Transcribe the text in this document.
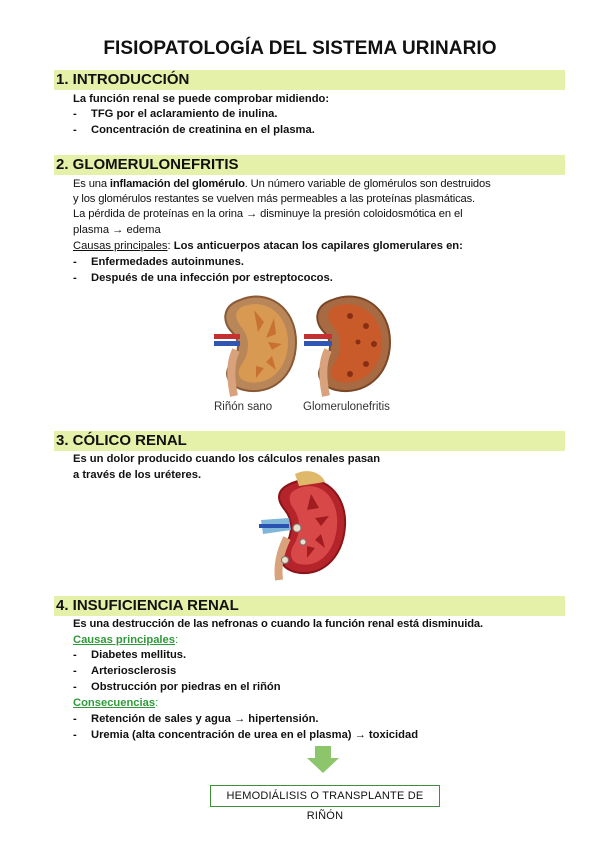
FISIOPATOLOGÍA DEL SISTEMA URINARIO
1. INTRODUCCIÓN
La función renal se puede comprobar midiendo:
- TFG por el aclaramiento de inulina.
- Concentración de creatinina en el plasma.
2. GLOMERULONEFRITIS
Es una inflamación del glomérulo. Un número variable de glomérulos son destruidos
y los glomérulos restantes se vuelven más permeables a las proteínas plasmáticas.
La pérdida de proteínas en la orina → disminuye la presión coloidosmótica en el
plasma → edema
Causas principales: Los anticuerpos atacan los capilares glomerulares en:
- Enfermedades autoinmunes.
- Después de una infección por estreptococos.
Riñón sano	Glomerulonefritis
3. CÓLICO RENAL
Es un dolor producido cuando los cálculos renales pasan
a través de los uréteres.
4. INSUFICIENCIA RENAL
Es una destrucción de las nefronas o cuando la función renal está disminuida.
Causas principales:
- Diabetes mellitus.
- Arteriosclerosis
- Obstrucción por piedras en el riñón
Consecuencias:
- Retención de sales y agua → hipertensión.
- Uremia (alta concentración de urea en el plasma) → toxicidad
HEMODIÁLISIS O TRANSPLANTE DE RIÑÓN
